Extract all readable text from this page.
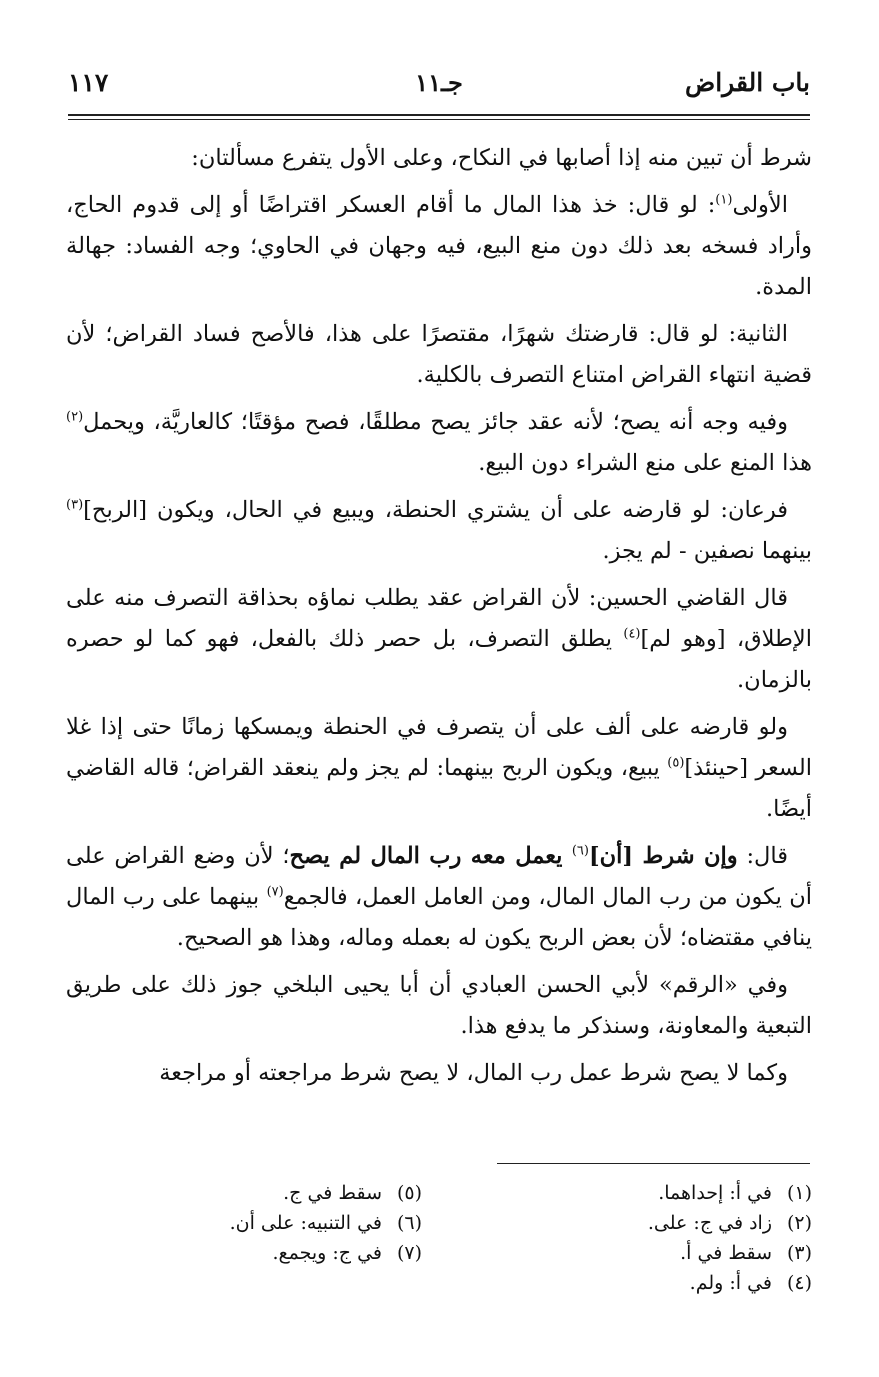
باب القراض
جـ١١
١١٧

شرط أن تبين منه إذا أصابها في النكاح، وعلى الأول يتفرع مسألتان:

الأولى$^{(١)}$: لو قال: خذ هذا المال ما أقام العسكر اقتراضًا أو إلى قدوم الحاج، وأراد فسخه بعد ذلك دون منع البيع، فيه وجهان في الحاوي؛ وجه الفساد: جهالة المدة.

الثانية: لو قال: قارضتك شهرًا، مقتصرًا على هذا، فالأصح فساد القراض؛ لأن قضية انتهاء القراض امتناع التصرف بالكلية.

وفيه وجه أنه يصح؛ لأنه عقد جائز يصح مطلقًا، فصح مؤقتًا؛ كالعاريَّة، ويحمل$^{(٢)}$ هذا المنع على منع الشراء دون البيع.

فرعان: لو قارضه على أن يشتري الحنطة، ويبيع في الحال، ويكون [الربح]$^{(٣)}$ بينهما نصفين - لم يجز.

قال القاضي الحسين: لأن القراض عقد يطلب نماؤه بحذاقة التصرف منه على الإطلاق، [وهو لم]$^{(٤)}$ يطلق التصرف، بل حصر ذلك بالفعل، فهو كما لو حصره بالزمان.

ولو قارضه على ألف على أن يتصرف في الحنطة ويمسكها زمانًا حتى إذا غلا السعر [حينئذ]$^{(٥)}$ يبيع، ويكون الربح بينهما: لم يجز ولم ينعقد القراض؛ قاله القاضي أيضًا.

قال: وإن شرط [أن]$^{(٦)}$ يعمل معه رب المال لم يصح؛ لأن وضع القراض على أن يكون من رب المال المال، ومن العامل العمل، فالجمع$^{(٧)}$ بينهما على رب المال ينافي مقتضاه؛ لأن بعض الربح يكون له بعمله وماله، وهذا هو الصحيح.

وفي «الرقم» لأبي الحسن العبادي أن أبا يحيى البلخي جوز ذلك على طريق التبعية والمعاونة، وسنذكر ما يدفع هذا.

وكما لا يصح شرط عمل رب المال، لا يصح شرط مراجعته أو مراجعة

(١)في أ: إحداهما.
(٢)زاد في ج: على.
(٣)سقط في أ.
(٤)في أ: ولم.
(٥)سقط في ج.
(٦)في التنبيه: على أن.
(٧)في ج: ويجمع.
